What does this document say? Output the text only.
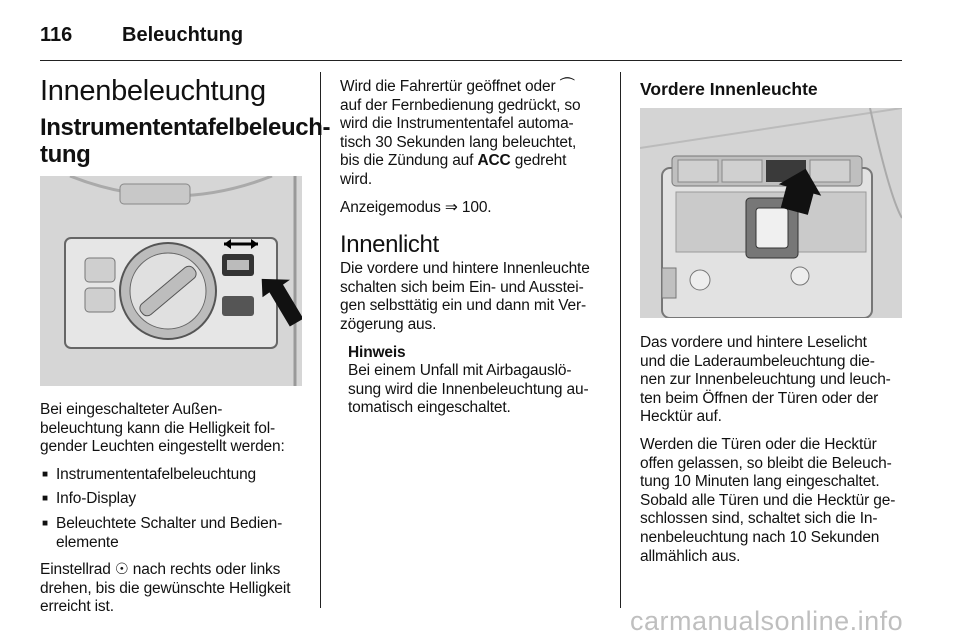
116	Beleuchtung
Innenbeleuchtung
Instrumententafelbeleuch-
tung

Bei eingeschalteter Außen-
beleuchtung kann die Helligkeit fol-
gender Leuchten eingestellt werden:

■ Instrumententafelbeleuchtung
■ Info-Display
■ Beleuchtete Schalter und Bedien-
elemente

Einstellrad ☉ nach rechts oder links
drehen, bis die gewünschte Helligkeit
erreicht ist.

Wird die Fahrertür geöffnet oder ⏜
auf der Fernbedienung gedrückt, so
wird die Instrumententafel automa-
tisch 30 Sekunden lang beleuchtet,
bis die Zündung auf ACC gedreht
wird.

Anzeigemodus ⇒ 100.

Innenlicht

Die vordere und hintere Innenleuchte
schalten sich beim Ein- und Ausstei-
gen selbsttätig ein und dann mit Ver-
zögerung aus.

Hinweis

Bei einem Unfall mit Airbagauslö-
sung wird die Innenbeleuchtung au-
tomatisch eingeschaltet.

Vordere Innenleuchte

Das vordere und hintere Leselicht
und die Laderaumbeleuchtung die-
nen zur Innenbeleuchtung und leuch-
ten beim Öffnen der Türen oder der
Hecktür auf.

Werden die Türen oder die Hecktür
offen gelassen, so bleibt die Beleuch-
tung 10 Minuten lang eingeschaltet.
Sobald alle Türen und die Hecktür ge-
schlossen sind, schaltet sich die In-
nenbeleuchtung nach 10 Sekunden
allmählich aus.

carmanualsonline.info
